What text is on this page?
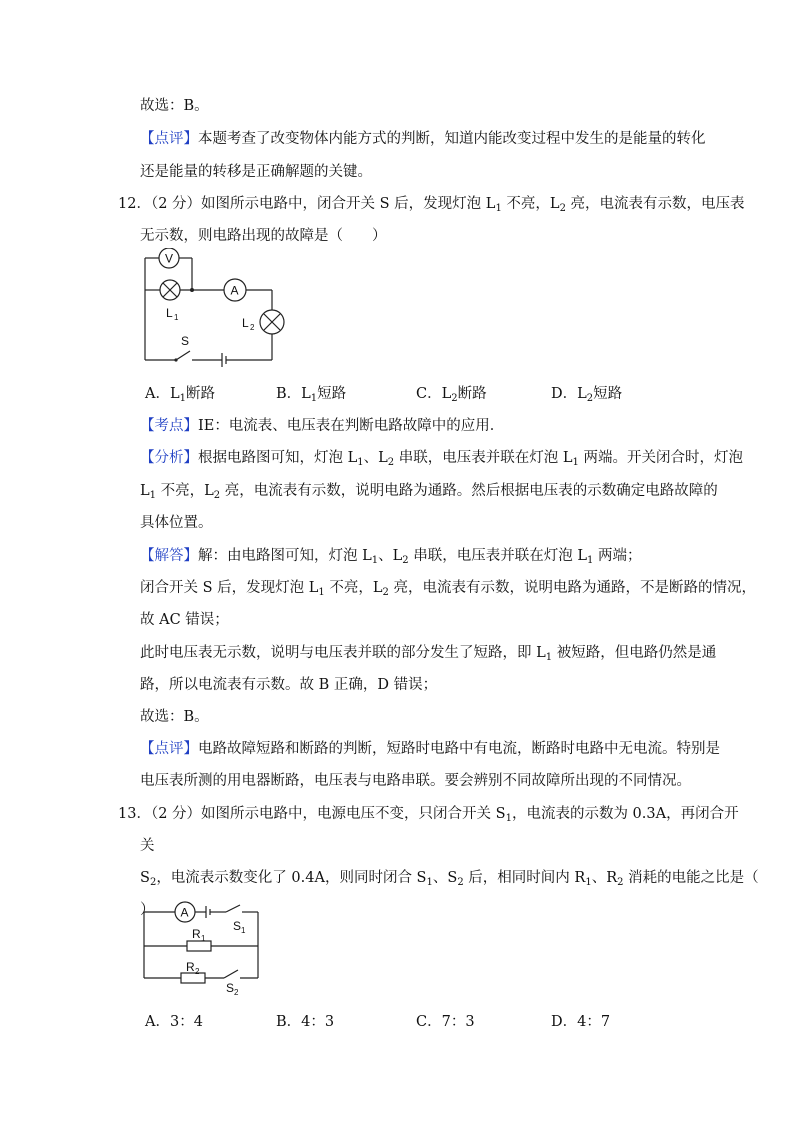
故选：B。
【点评】本题考查了改变物体内能方式的判断，知道内能改变过程中发生的是能量的转化
还是能量的转移是正确解题的关键。
12．（2 分）如图所示电路中，闭合开关 S 后，发现灯泡 $L_1$ 不亮，$L_2$ 亮，电流表有示数，电压表
无示数，则电路出现的故障是（　　）
V
A
L 1	L 2
S
A．$L_1$断路	B．$L_1$短路	C．$L_2$断路	D．$L_2$短路
【考点】IE：电流表、电压表在判断电路故障中的应用．
【分析】根据电路图可知，灯泡 $L_1$、$L_2$ 串联，电压表并联在灯泡 $L_1$ 两端。开关闭合时，灯泡
$L_1$ 不亮，$L_2$ 亮，电流表有示数，说明电路为通路。然后根据电压表的示数确定电路故障的
具体位置。
【解答】解：由电路图可知，灯泡 $L_1$、$L_2$ 串联，电压表并联在灯泡 $L_1$ 两端；
闭合开关 S 后，发现灯泡 $L_1$ 不亮，$L_2$ 亮，电流表有示数，说明电路为通路，不是断路的情况，
故 AC 错误；
此时电压表无示数，说明与电压表并联的部分发生了短路，即 $L_1$ 被短路，但电路仍然是通
路，所以电流表有示数。故 B 正确，D 错误；
故选：B。
【点评】电路故障短路和断路的判断，短路时电路中有电流，断路时电路中无电流。特别是
电压表所测的用电器断路，电压表与电路串联。要会辨别不同故障所出现的不同情况。
13．（2 分）如图所示电路中，电源电压不变，只闭合开关 $S_1$，电流表的示数为 0.3A，再闭合开
关
$S_2$，电流表示数变化了 0.4A，则同时闭合 $S_1$、$S_2$ 后，相同时间内 $R_1$、$R_2$ 消耗的电能之比是（
） A
S 1
R 1
R 2
S 2
A．3：4	B．4：3	C．7：3	D．4：7
